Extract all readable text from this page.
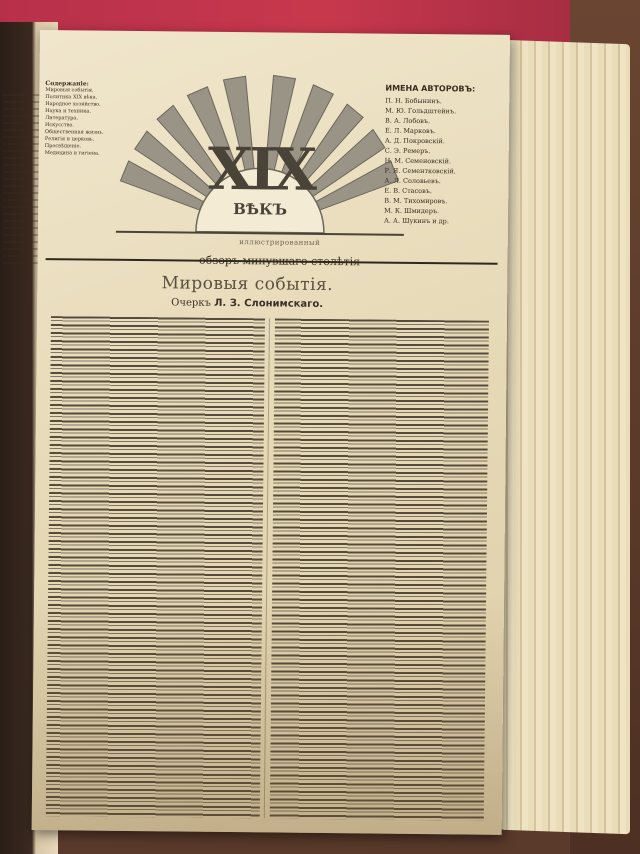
Содержаніе:
Мировыя событія.
Политика XIX вѣка.
Народное хозяйство.
Наука и техника.
Литература.
Искусство.
Общественная жизнь.
Религія и церковь.
Просвѣщеніе.
Медицина и гигіена. XIX
ВѢКЪ
иллюстрированный
обзоръ минувшаго столѣтія
ИМЕНА АВТОРОВЪ:
П. Н. Бобынинъ.
М. Ю. Гольдштейнъ.
В. А. Лобовъ.
Е. Л. Марковъ.
А. Д. Покровскій.
С. Э. Ремеръ.
Н. М. Семеновскій.
Р. Я. Сементковскій.
А. Л. Соловьевъ.
Е. В. Стасовъ.
В. М. Тихомировъ.
М. К. Шмидеръ.
А. А. Шукинъ и др.
Мировыя событія.
Очеркъ Л. З. Слонимскаго.
